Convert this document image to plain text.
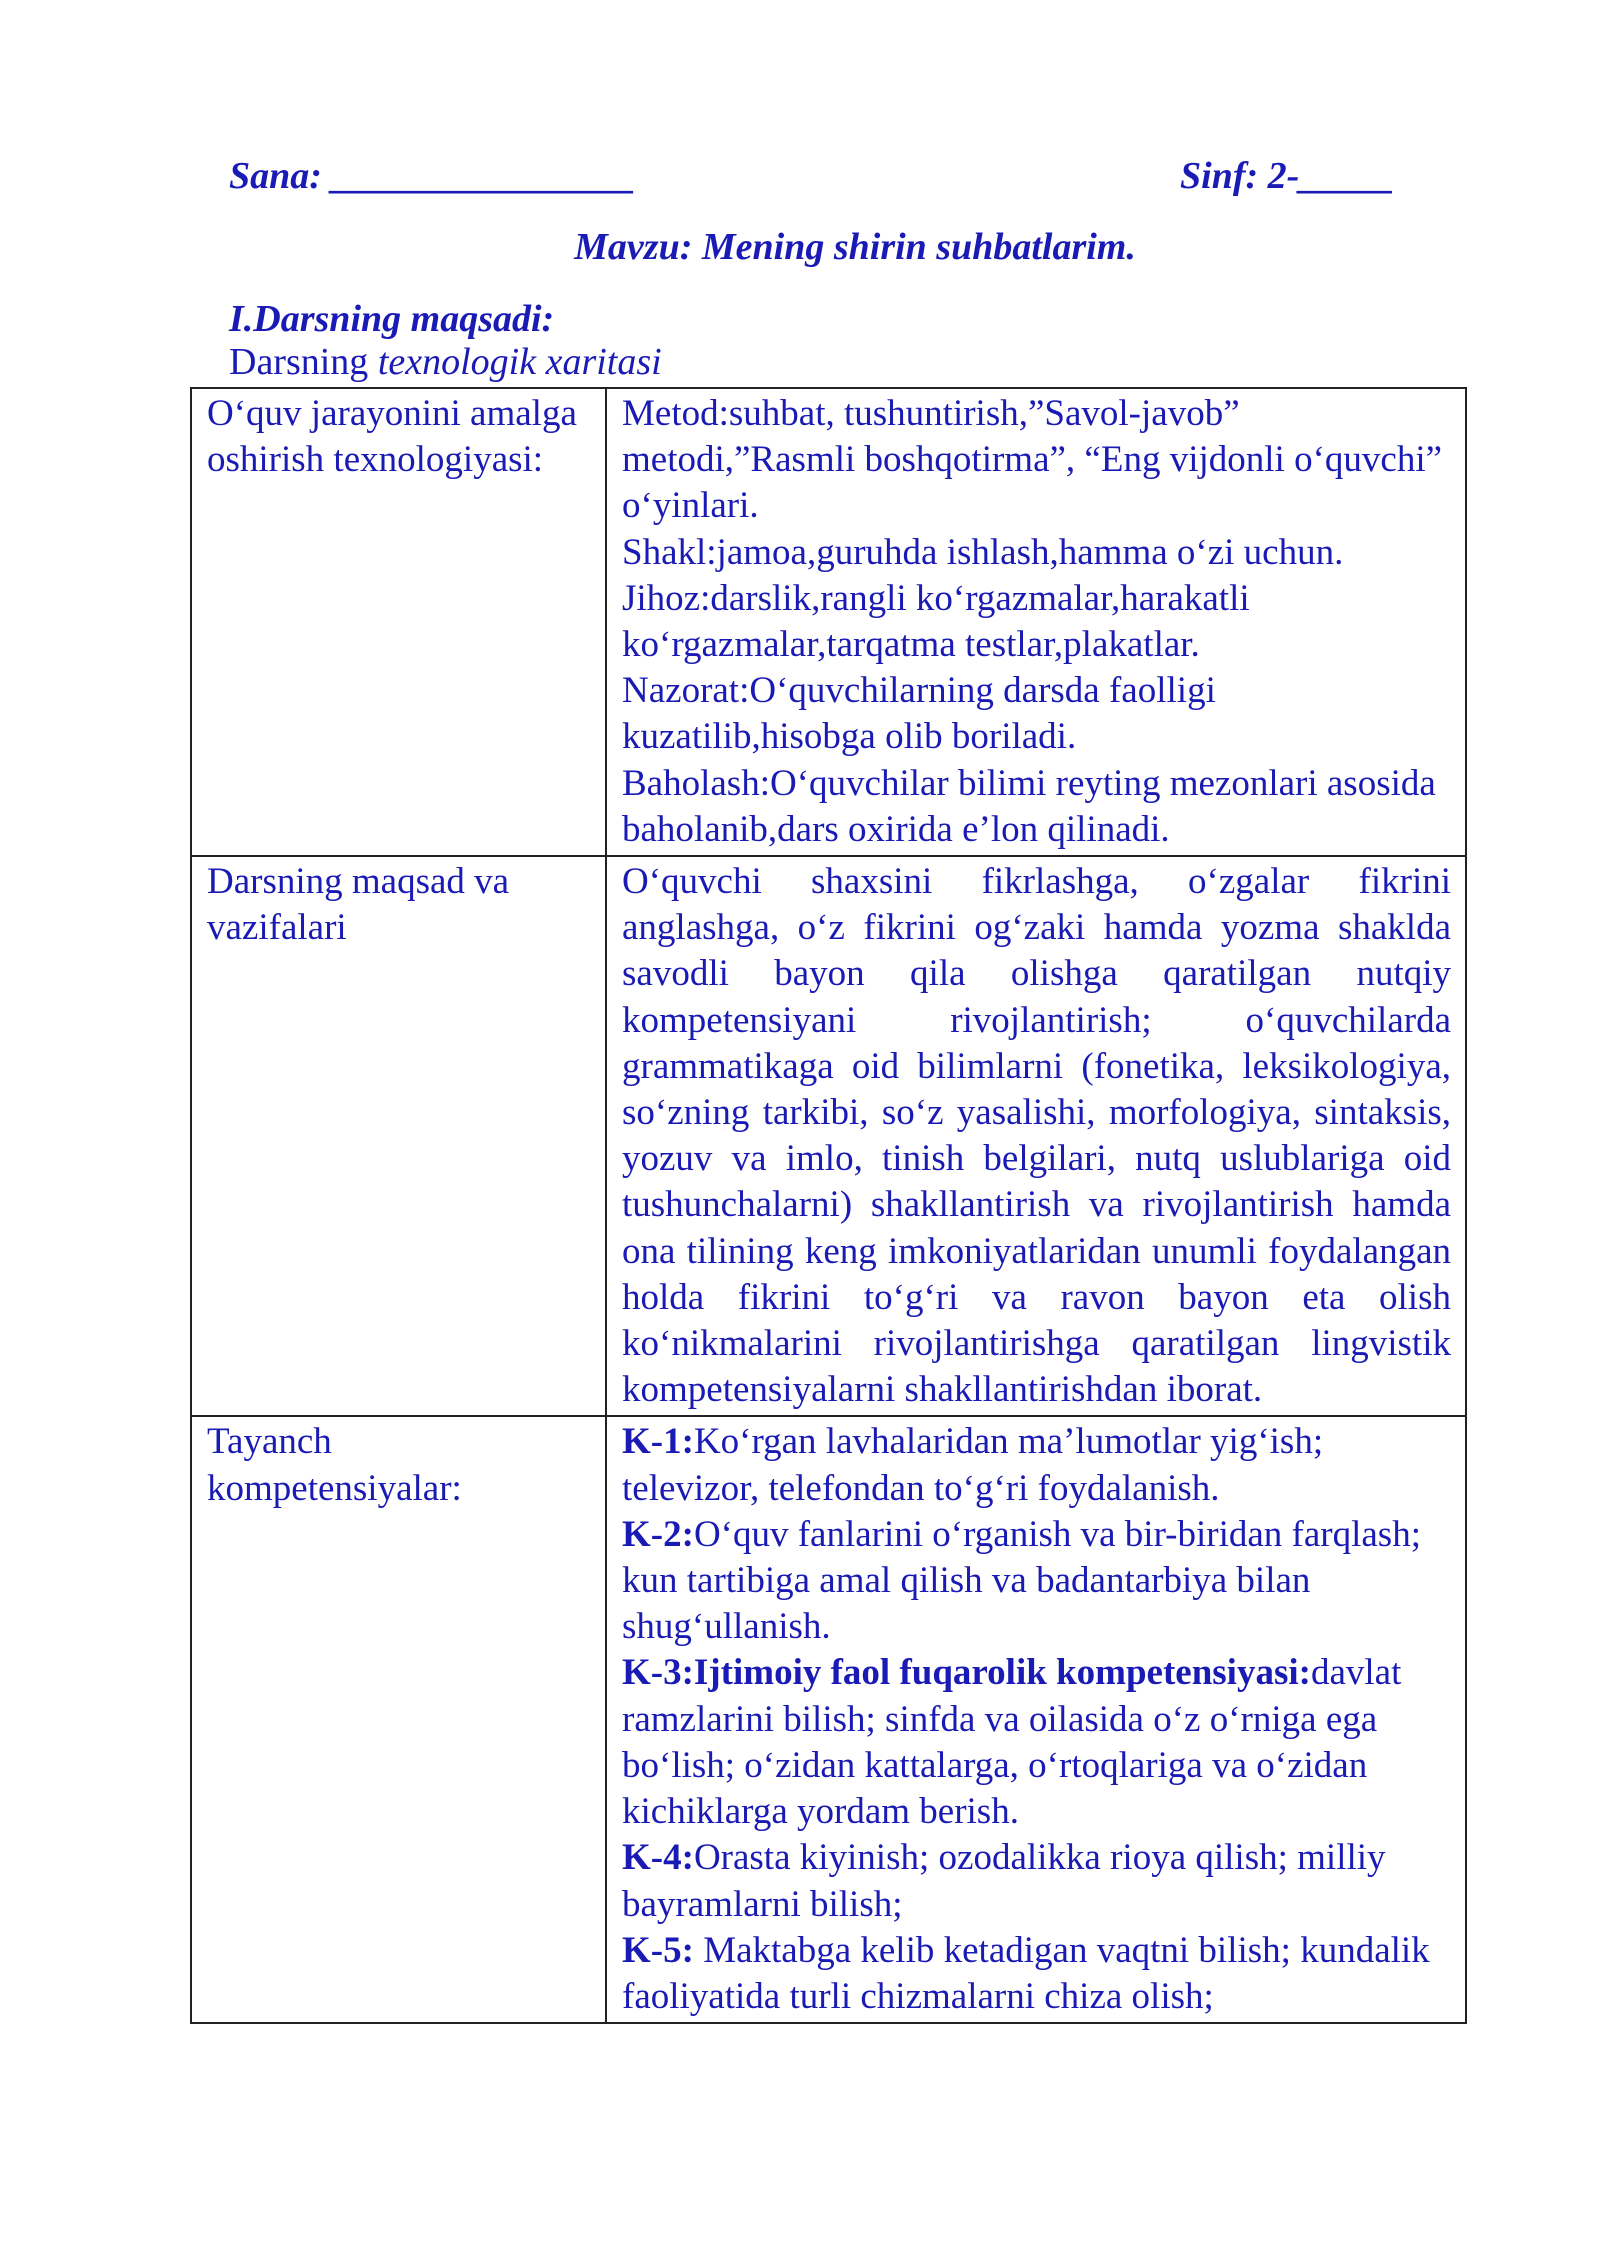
Sana: ________________	Sinf: 2-_____
Mavzu: Mening shirin suhbatlarim.
I.Darsning maqsadi:
Darsning texnologik xaritasi
O‘quv jarayonini amalga oshirish texnologiyasi:	Metod:suhbat, tushuntirish,”Savol-javob” metodi,”Rasmli boshqotirma”, “Eng vijdonli o‘quvchi” o‘yinlari.
Shakl:jamoa,guruhda ishlash,hamma o‘zi uchun.
Jihoz:darslik,rangli ko‘rgazmalar,harakatli ko‘rgazmalar,tarqatma testlar,plakatlar.
Nazorat:O‘quvchilarning darsda faolligi kuzatilib,hisobga olib boriladi.
Baholash:O‘quvchilar bilimi reyting mezonlari asosida baholanib,dars oxirida e’lon qilinadi.

Darsning maqsad va vazifalari	O‘quvchi shaxsini fikrlashga, o‘zgalar fikrini anglashga, o‘z fikrini og‘zaki hamda yozma shaklda savodli bayon qila olishga qaratilgan nutqiy kompetensiyani rivojlantirish; o‘quvchilarda grammatikaga oid bilimlarni (fonetika, leksikologiya, so‘zning tarkibi, so‘z yasalishi, morfologiya, sintaksis, yozuv va imlo, tinish belgilari, nutq uslublariga oid tushunchalarni) shakllantirish va rivojlantirish hamda ona tilining keng imkoniyatlaridan unumli foydalangan holda fikrini to‘g‘ri va ravon bayon eta olish ko‘nikmalarini rivojlantirishga qaratilgan lingvistik kompetensiyalarni shakllantirishdan iborat.
Tayanch kompetensiyalar:	K-1:Ko‘rgan lavhalaridan ma’lumotlar yig‘ish; televizor, telefondan to‘g‘ri foydalanish.
K-2:O‘quv fanlarini o‘rganish va bir-biridan farqlash; kun tartibiga amal qilish va badantarbiya bilan shug‘ullanish.
K-3:Ijtimoiy faol fuqarolik kompetensiyasi:davlat ramzlarini bilish; sinfda va oilasida o‘z o‘rniga ega bo‘lish; o‘zidan kattalarga, o‘rtoqlariga va o‘zidan kichiklarga yordam berish.
K-4:Orasta kiyinish; ozodalikka rioya qilish; milliy bayramlarni bilish;
K-5: Maktabga kelib ketadigan vaqtni bilish; kundalik faoliyatida turli chizmalarni chiza olish;
